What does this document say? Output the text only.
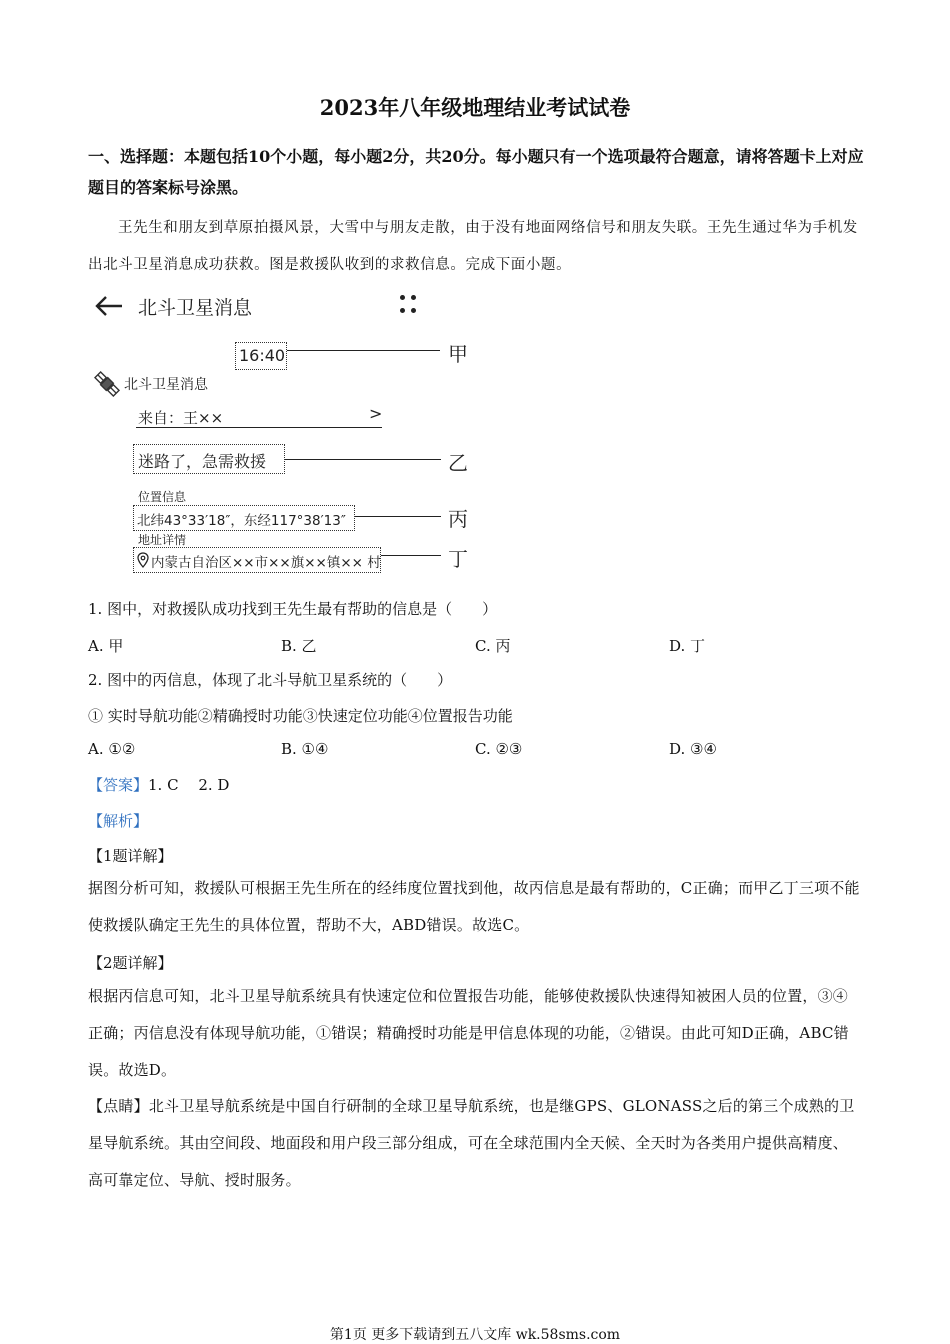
2023年八年级地理结业考试试卷
一、选择题：本题包括10个小题，每小题2分，共20分。每小题只有一个选项最符合题意，请将答题卡上对应题目的答案标号涂黑。
王先生和朋友到草原拍摄风景，大雪中与朋友走散，由于没有地面网络信号和朋友失联。王先生通过华为手机发出北斗卫星消息成功获救。图是救援队收到的求救信息。完成下面小题。
北斗卫星消息
16:40	甲
北斗卫星消息
来自：王××	>
迷路了，急需救援	乙
位置信息
北纬43°33′18″，东经117°38′13″	丙
地址详情
内蒙古自治区××市××旗××镇×× 村	丁
1. 图中，对救援队成功找到王先生最有帮助的信息是（　　）
A. 甲	B. 乙	C. 丙	D. 丁
2. 图中的丙信息，体现了北斗导航卫星系统的（　　）
① 实时导航功能②精确授时功能③快速定位功能④位置报告功能
A. ①②	B. ①④	C. ②③	D. ③④
【答案】1. C　 2. D
【解析】
【1题详解】
据图分析可知，救援队可根据王先生所在的经纬度位置找到他，故丙信息是最有帮助的，C正确；而甲乙丁三项不能使救援队确定王先生的具体位置，帮助不大，ABD错误。故选C。
【2题详解】
根据丙信息可知，北斗卫星导航系统具有快速定位和位置报告功能，能够使救援队快速得知被困人员的位置，③④正确；丙信息没有体现导航功能，①错误；精确授时功能是甲信息体现的功能，②错误。由此可知D正确，ABC错误。故选D。
【点睛】北斗卫星导航系统是中国自行研制的全球卫星导航系统，也是继GPS、GLONASS之后的第三个成熟的卫星导航系统。其由空间段、地面段和用户段三部分组成，可在全球范围内全天候、全天时为各类用户提供高精度、高可靠定位、导航、授时服务。
第1页 更多下载请到五八文库 wk.58sms.com
